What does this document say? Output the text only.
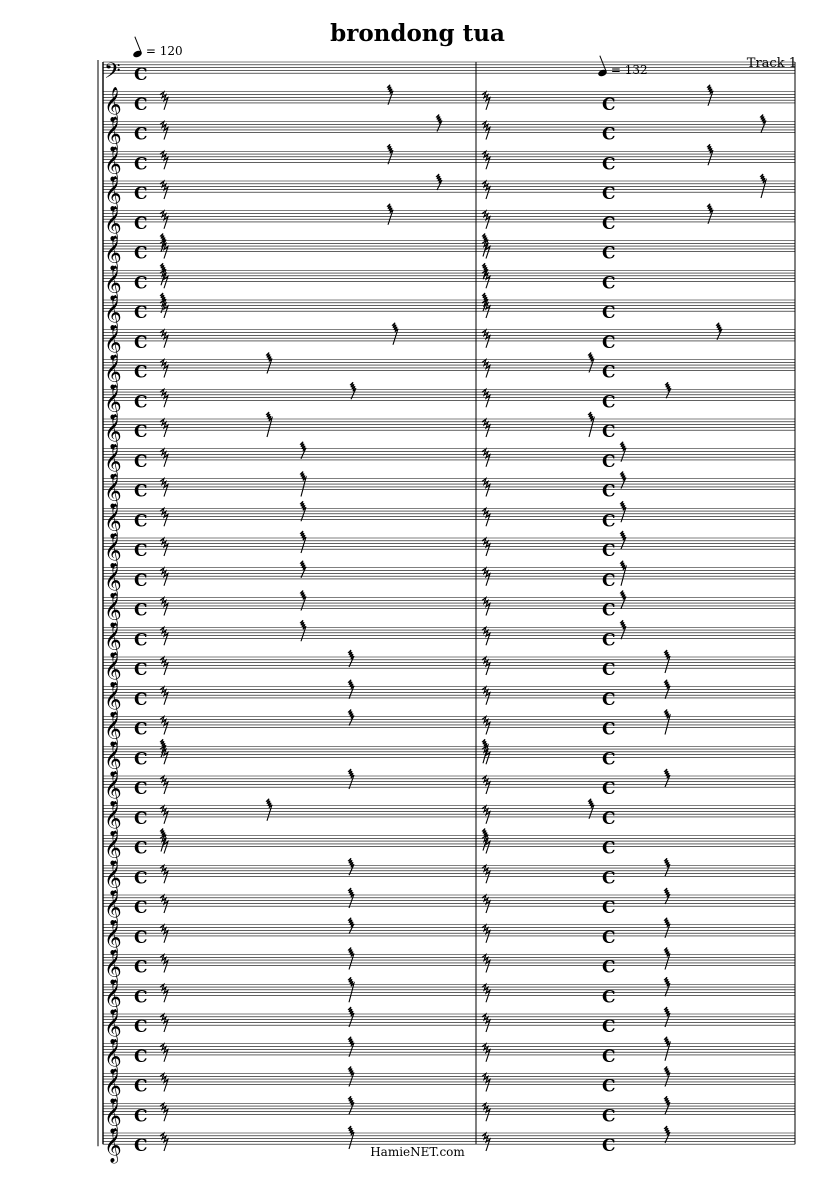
brondong tua
Track 1
= 120
= 132
𝄢 C
𝄞 C	C
𝄞 C	C
𝄞 C	C
𝄞 C	C
𝄞 C	C
𝄞 C	C
𝄞 C	C
𝄞 C	C
𝄞 C	C
𝄞 C	C
𝄞 C	C
𝄞 C	C
𝄞 C	C
𝄞 C	C
𝄞 C	C
𝄞 C	C
𝄞 C	C
𝄞 C	C
𝄞 C	C
𝄞 C	C
𝄞 C	C
𝄞 C	C
𝄞 C	C
𝄞 C	C
𝄞 C	C
𝄞 C	C
𝄞 C	C
𝄞 C	C
𝄞 C	C
𝄞 C	C
𝄞 C	C
𝄞 C	C
𝄞 C	C
𝄞 C	C
𝄞 C	C
𝄞 C	C
HamieNET.com
